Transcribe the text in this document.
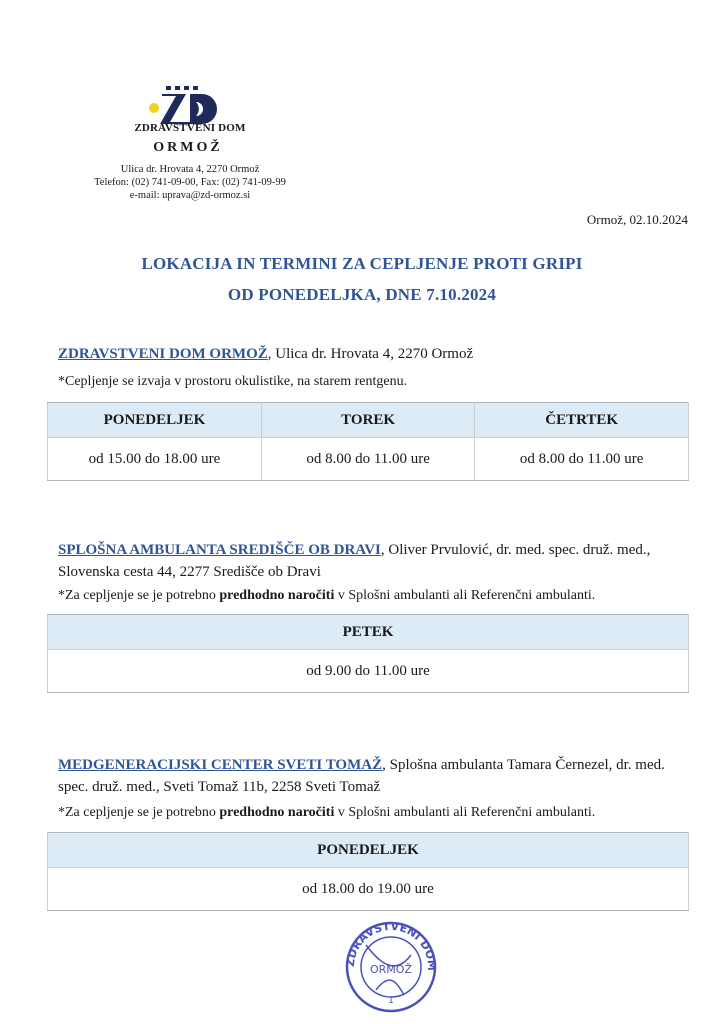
ZDRAVSTVENI DOM
ORMOŽ
Ulica dr. Hrovata 4, 2270 Ormož
Telefon: (02) 741-09-00, Fax: (02) 741-09-99
e-mail: uprava@zd-ormoz.si
Ormož, 02.10.2024
LOKACIJA IN TERMINI ZA CEPLJENJE PROTI GRIPI
OD PONEDELJKA, DNE 7.10.2024
ZDRAVSTVENI DOM ORMOŽ, Ulica dr. Hrovata 4, 2270 Ormož
*Cepljenje se izvaja v prostoru okulistike, na starem rentgenu.
PONEDELJEK	TOREK	ČETRTEK
od 15.00 do 18.00 ure	od 8.00 do 11.00 ure	od 8.00 do 11.00 ure
SPLOŠNA AMBULANTA SREDIŠČE OB DRAVI, Oliver Prvulović, dr. med. spec. druž. med., Slovenska cesta 44, 2277 Središče ob Dravi
*Za cepljenje se je potrebno predhodno naročiti v Splošni ambulanti ali Referenčni ambulanti.
PETEK
od 9.00 do 11.00 ure
MEDGENERACIJSKI CENTER SVETI TOMAŽ, Splošna ambulanta Tamara Černezel, dr. med. spec. druž. med., Sveti Tomaž 11b, 2258 Sveti Tomaž
*Za cepljenje se je potrebno predhodno naročiti v Splošni ambulanti ali Referenčni ambulanti.
PONEDELJEK
od 18.00 do 19.00 ure
ZDRAVSTVENI DOM
ORMOŽ
1
